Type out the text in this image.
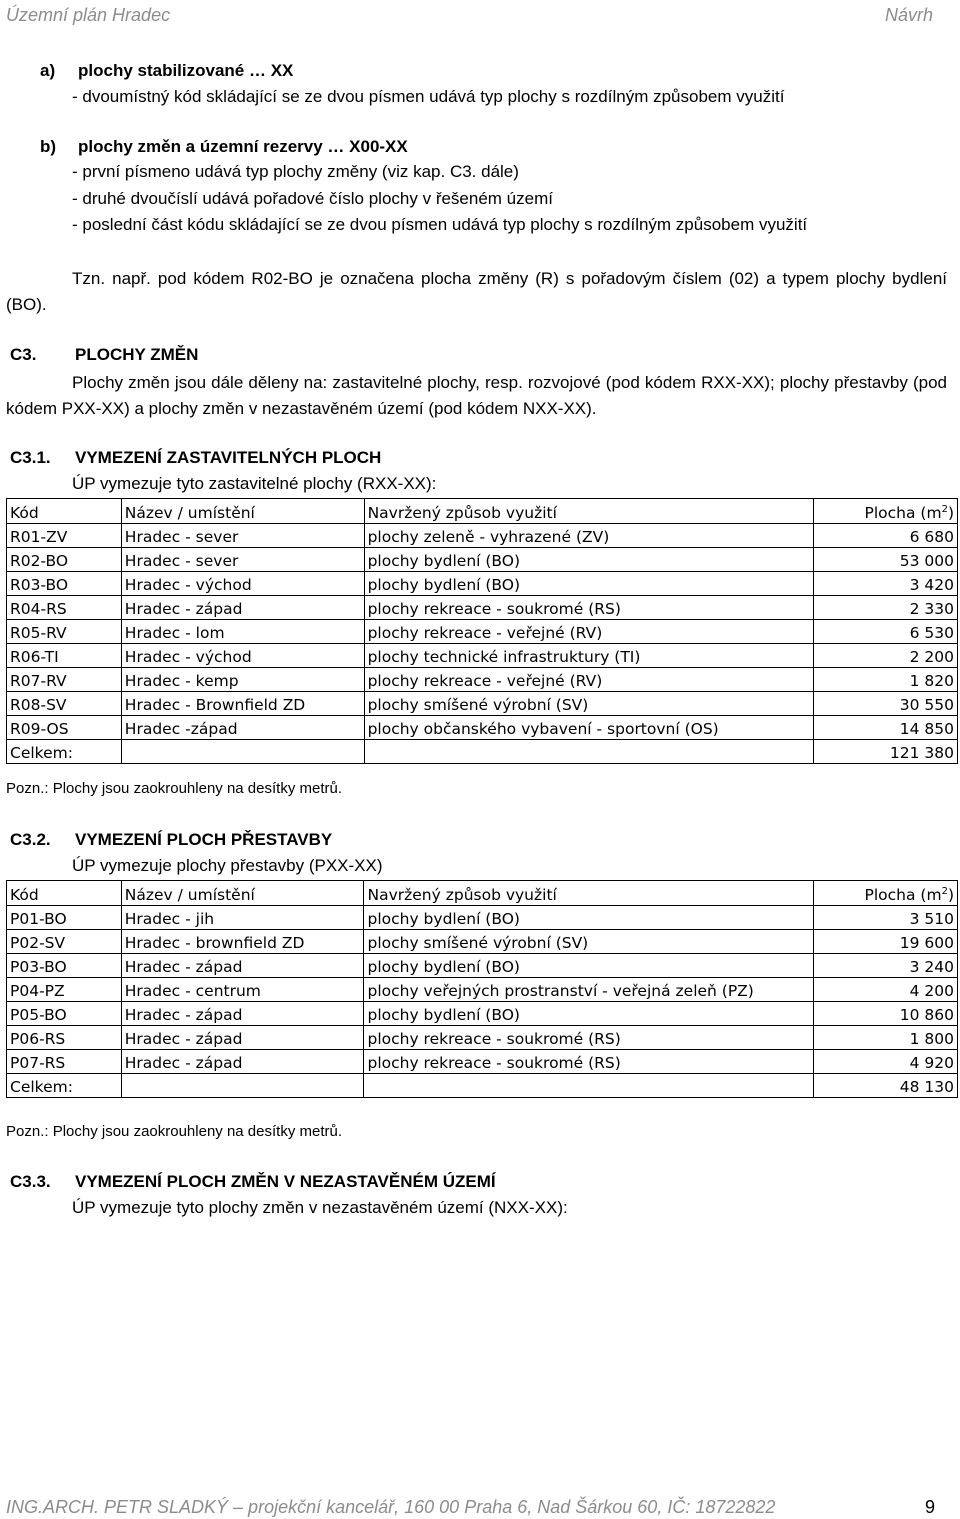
Územní plán Hradec	Návrh
a) plochy stabilizované … XX
- dvoumístný kód skládající se ze dvou písmen udává typ plochy s rozdílným způsobem využití
b) plochy změn a územní rezervy … X00-XX
- první písmeno udává typ plochy změny (viz kap. C3. dále)
- druhé dvoučíslí udává pořadové číslo plochy v řešeném území
- poslední část kódu skládající se ze dvou písmen udává typ plochy s rozdílným způsobem využití
Tzn. např. pod kódem R02-BO je označena plocha změny (R) s pořadovým číslem (02) a typem plochy bydlení (BO).
C3. PLOCHY ZMĚN
Plochy změn jsou dále děleny na: zastavitelné plochy, resp. rozvojové (pod kódem RXX-XX); plochy přestavby (pod kódem PXX-XX) a plochy změn v nezastavěném území (pod kódem NXX-XX).
C3.1. VYMEZENÍ ZASTAVITELNÝCH PLOCH
ÚP vymezuje tyto zastavitelné plochy (RXX-XX):
Kód	Název / umístění	Navržený způsob využití	Plocha $(m^2)$
R01-ZV	Hradec - sever	plochy zeleně - vyhrazené (ZV)	6 680
R02-BO	Hradec - sever	plochy bydlení (BO)	53 000
R03-BO	Hradec - východ	plochy bydlení (BO)	3 420
R04-RS	Hradec - západ	plochy rekreace - soukromé (RS)	2 330
R05-RV	Hradec - lom	plochy rekreace - veřejné (RV)	6 530
R06-TI	Hradec - východ	plochy technické infrastruktury (TI)	2 200
R07-RV	Hradec - kemp	plochy rekreace - veřejné (RV)	1 820
R08-SV	Hradec - Brownfield ZD	plochy smíšené výrobní (SV)	30 550
R09-OS	Hradec -západ	plochy občanského vybavení - sportovní (OS)	14 850
Celkem:			121 380
Pozn.: Plochy jsou zaokrouhleny na desítky metrů.
C3.2. VYMEZENÍ PLOCH PŘESTAVBY
ÚP vymezuje plochy přestavby (PXX-XX)
Kód	Název / umístění	Navržený způsob využití	Plocha $(m^2)$
P01-BO	Hradec - jih	plochy bydlení (BO)	3 510
P02-SV	Hradec - brownfield ZD	plochy smíšené výrobní (SV)	19 600
P03-BO	Hradec - západ	plochy bydlení (BO)	3 240
P04-PZ	Hradec - centrum	plochy veřejných prostranství - veřejná zeleň (PZ)	4 200
P05-BO	Hradec - západ	plochy bydlení (BO)	10 860
P06-RS	Hradec - západ	plochy rekreace - soukromé (RS)	1 800
P07-RS	Hradec - západ	plochy rekreace - soukromé (RS)	4 920
Celkem:			48 130
Pozn.: Plochy jsou zaokrouhleny na desítky metrů.
C3.3. VYMEZENÍ PLOCH ZMĚN V NEZASTAVĚNÉM ÚZEMÍ
ÚP vymezuje tyto plochy změn v nezastavěném území (NXX-XX):
ING.ARCH. PETR SLADKÝ – projekční kancelář, 160 00 Praha 6, Nad Šárkou 60, IČ: 18722822	9
